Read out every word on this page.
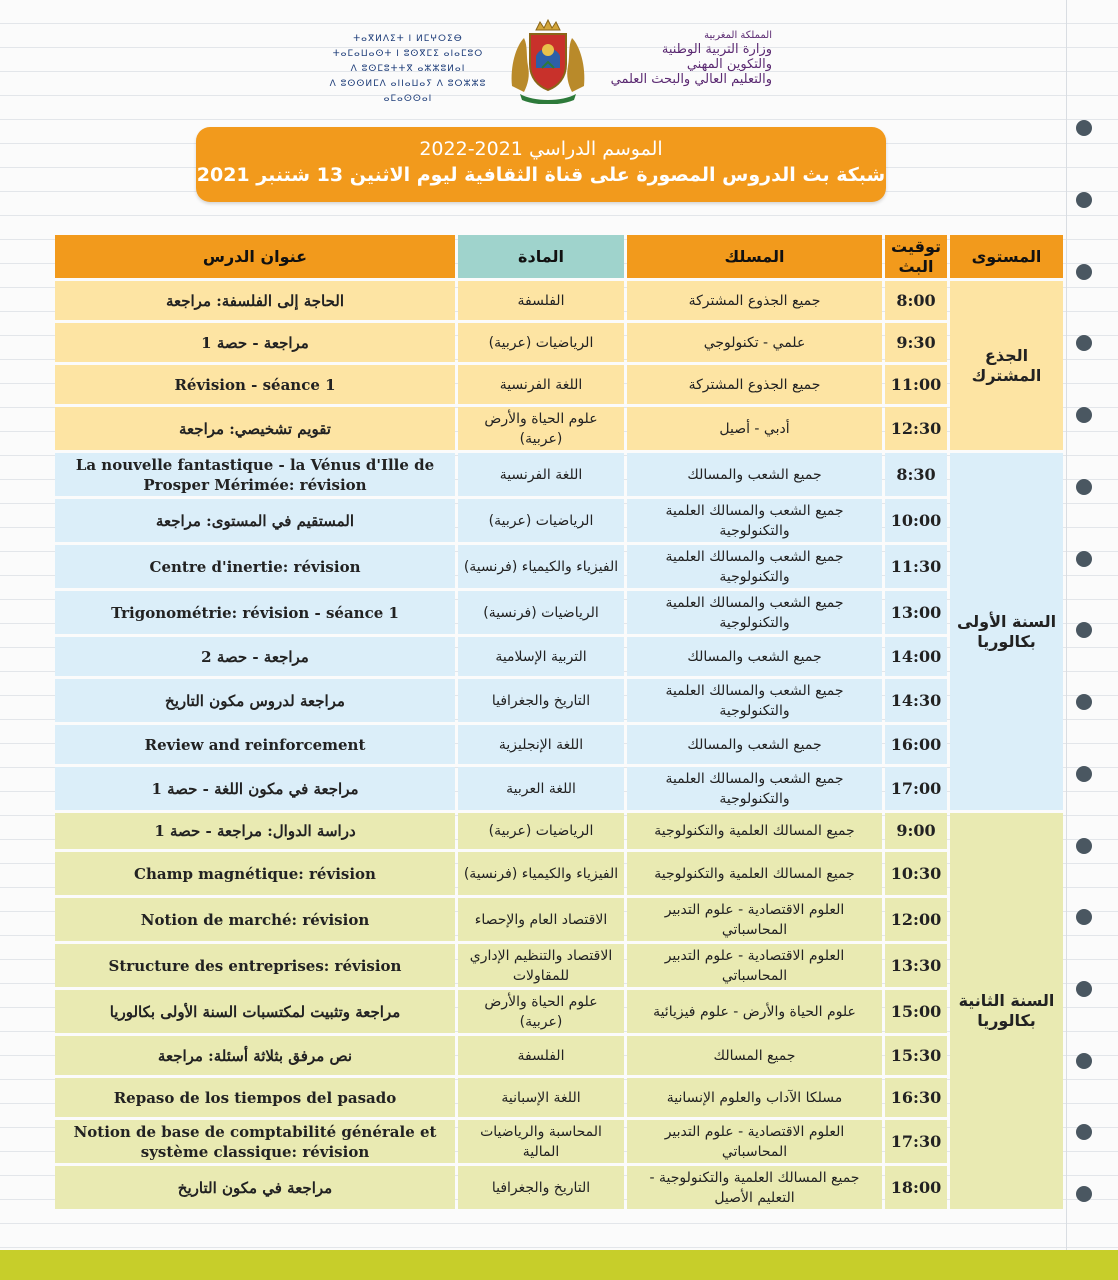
ⵜⴰⴳⵍⴷⵉⵜ ⵏ ⵍⵎⵖⵔⵉⴱ
ⵜⴰⵎⴰⵡⴰⵙⵜ ⵏ ⵓⵙⴳⵎⵉ ⴰⵏⴰⵎⵓⵔ
ⴷ ⵓⵙⵎⵓⵜⵜⴳ ⴰⵣⵣⵓⵍⴰⵏ
ⴷ ⵓⵙⵙⵍⵎⴷ ⴰⵏⵏⴰⵡⴰⵢ ⴷ ⵓⵔⵣⵣⵓ ⴰⵎⴰⵙⵙⴰⵏ
المملكة المغربية
وزارة التربية الوطنية
والتكوين المهني
والتعليم العالي والبحث العلمي
الموسم الدراسي 2021-2022
شبكة بث الدروس المصورة على قناة الثقافية ليوم الاثنين 13 شتنبر 2021
المستوى	توقيت البث	المسلك	المادة	عنوان الدرس
الجذع المشترك	8:00	جميع الجذوع المشتركة	الفلسفة	الحاجة إلى الفلسفة: مراجعة
	9:30	علمي - تكنولوجي	الرياضيات (عربية)	مراجعة - حصة 1
	11:00	جميع الجذوع المشتركة	اللغة الفرنسية	Révision - séance 1
	12:30	أدبي - أصيل	علوم الحياة والأرض (عربية)	تقويم تشخيصي: مراجعة
السنة الأولى بكالوريا	8:30	جميع الشعب والمسالك	اللغة الفرنسية	La nouvelle fantastique - la Vénus d'Ille de Prosper Mérimée: révision
	10:00	جميع الشعب والمسالك العلمية والتكنولوجية	الرياضيات (عربية)	المستقيم في المستوى: مراجعة
	11:30	جميع الشعب والمسالك العلمية والتكنولوجية	الفيزياء والكيمياء (فرنسية)	Centre d'inertie: révision
	13:00	جميع الشعب والمسالك العلمية والتكنولوجية	الرياضيات (فرنسية)	Trigonométrie: révision - séance 1
	14:00	جميع الشعب والمسالك	التربية الإسلامية	مراجعة - حصة 2
	14:30	جميع الشعب والمسالك العلمية والتكنولوجية	التاريخ والجغرافيا	مراجعة لدروس مكون التاريخ
	16:00	جميع الشعب والمسالك	اللغة الإنجليزية	Review and reinforcement
	17:00	جميع الشعب والمسالك العلمية والتكنولوجية	اللغة العربية	مراجعة في مكون اللغة - حصة 1
السنة الثانية بكالوريا	9:00	جميع المسالك العلمية والتكنولوجية	الرياضيات (عربية)	دراسة الدوال: مراجعة - حصة 1
	10:30	جميع المسالك العلمية والتكنولوجية	الفيزياء والكيمياء (فرنسية)	Champ magnétique: révision
	12:00	العلوم الاقتصادية - علوم التدبير المحاسباتي	الاقتصاد العام والإحصاء	Notion de marché: révision
	13:30	العلوم الاقتصادية - علوم التدبير المحاسباتي	الاقتصاد والتنظيم الإداري للمقاولات	Structure des entreprises: révision
	15:00	علوم الحياة والأرض - علوم فيزيائية	علوم الحياة والأرض (عربية)	مراجعة وتثبيت لمكتسبات السنة الأولى بكالوريا
	15:30	جميع المسالك	الفلسفة	نص مرفق بثلاثة أسئلة: مراجعة
	16:30	مسلكا الآداب والعلوم الإنسانية	اللغة الإسبانية	Repaso de los tiempos del pasado
	17:30	العلوم الاقتصادية - علوم التدبير المحاسباتي	المحاسبة والرياضيات المالية	Notion de base de comptabilité générale et système classique: révision
	18:00	جميع المسالك العلمية والتكنولوجية - التعليم الأصيل	التاريخ والجغرافيا	مراجعة في مكون التاريخ
